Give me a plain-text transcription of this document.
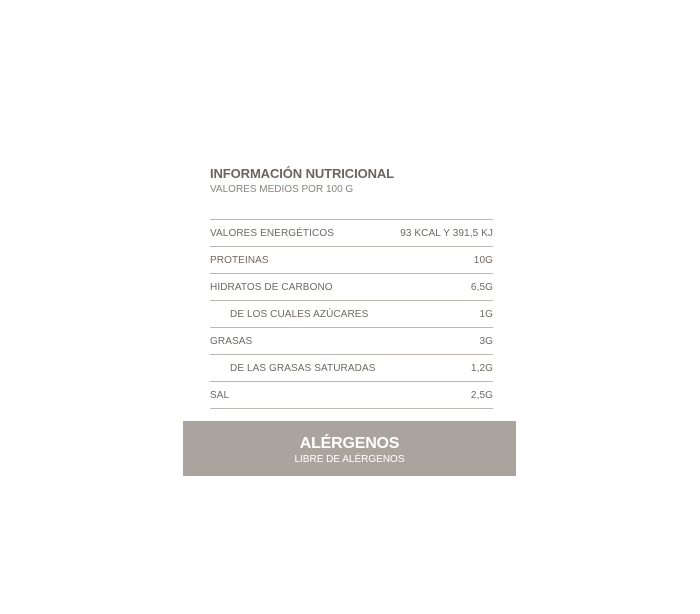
INFORMACIÓN NUTRICIONAL
VALORES MEDIOS POR 100 G
VALORES ENERGÉTICOS	93 KCAL Y 391,5 KJ
PROTEINAS	10G
HIDRATOS DE CARBONO	6,5G
DE LOS CUALES AZÚCARES	1G
GRASAS	3G
DE LAS GRASAS SATURADAS	1,2G
SAL	2,5G
ALÉRGENOS
LIBRE DE ALÉRGENOS
